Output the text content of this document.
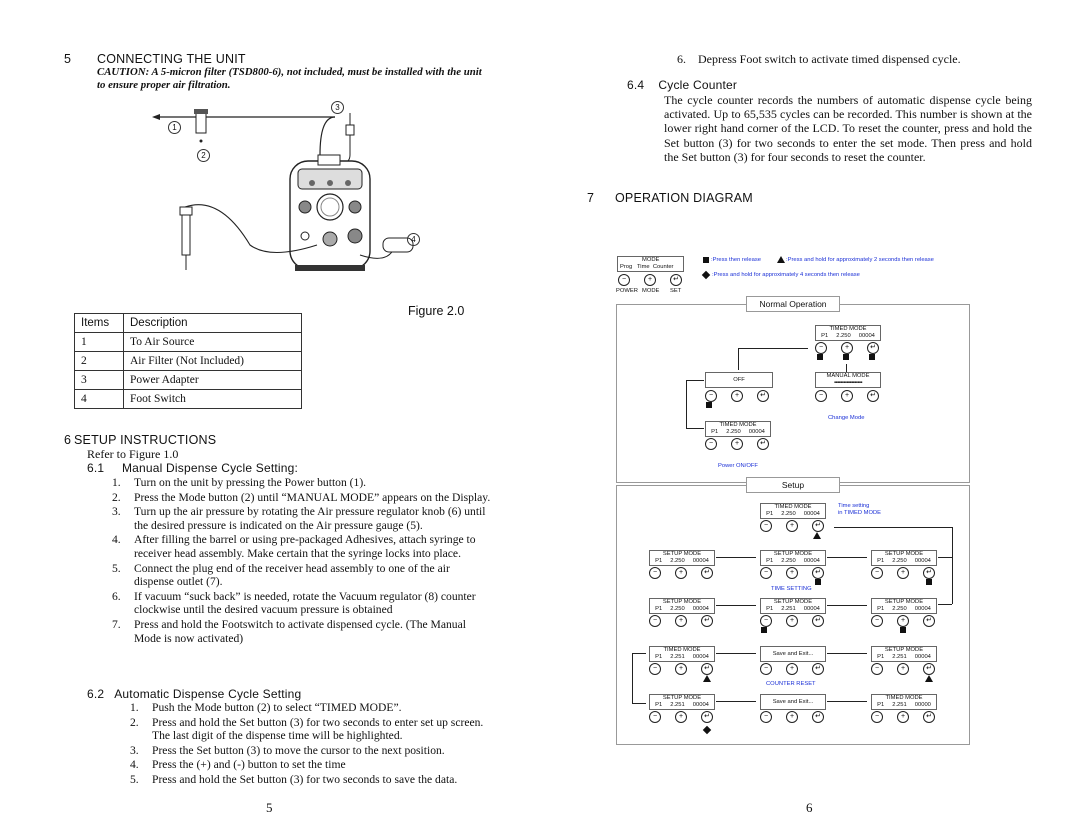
5 CONNECTING THE UNIT
CAUTION: A 5-micron filter (TSD800-6), not included, must be installed with the unit to ensure proper air filtration.
1
2
3
4
Figure 2.0
Items	Description
1	To Air Source
2	Air Filter (Not Included)
3	Power Adapter
4	Foot Switch
6 SETUP INSTRUCTIONS
Refer to Figure 1.0
6.1     Manual Dispense Cycle Setting:
1. Turn on the unit by pressing the Power button (1).
2. Press the Mode button (2) until “MANUAL MODE” appears on the Display.
3. Turn up the air pressure by rotating the Air pressure regulator knob (6) until the desired pressure is indicated on the Air pressure gauge (5).
4. After filling the barrel or using pre-packaged Adhesives, attach syringe to receiver head assembly. Make certain that the syringe locks into place.
5. Connect the plug end of the receiver head assembly to one of the air dispense outlet (7).
6. If vacuum “suck back” is needed, rotate the Vacuum regulator (8) counter clockwise until the desired vacuum pressure is obtained
7. Press and hold the Footswitch to activate dispensed cycle. (The Manual Mode is now activated)
6.2   Automatic Dispense Cycle Setting
1. Push the Mode button (2) to select “TIMED MODE”.
2. Press and hold the Set button (3) for two seconds to enter set up screen. The last digit of the dispense time will be highlighted.
3. Press the Set button (3) to move the cursor to the next position.
4. Press the (+) and (-) button to set the time
5. Press and hold the Set button (3) for two seconds to save the data.
5
6.    Depress Foot switch to activate timed dispensed cycle.
6.4    Cycle Counter
The cycle counter records the numbers of automatic dispense cycle being activated. Up to 65,535 cycles can be recorded. This number is shown at the lower right hand corner of the LCD. To reset the counter, press and hold the Set button (3) for two seconds to enter the set mode. Then press and hold the Set button (3) for four seconds to reset the counter.
7 OPERATION DIAGRAM
MODE
Prog   Time  Counter
−	+	↵
POWER MODE SET
:Press then release	:Press and hold for approximately 2 seconds then release
:Press and hold for approximately 4 seconds then release
Normal Operation
TIMED MODE
P1     2.250     00004
−	+	↵
OFF
MANUAL MODE
▪▪▪▪▪▪▪▪▪▪▪▪▪▪▪▪▪▪
−	+	↵	−	+	↵
Change Mode
TIMED MODE
P1     2.250     00004
−	+	↵
Power ON/OFF
Setup
TIMED MODE
P1     2.250     00004
Time setting
in TIMED MODE
−	+	↵
SETUP MODE
P1     2.250     00004
SETUP MODE
P1     2.250     00004
SETUP MODE
P1     2.250     00004
−	+	↵	−	+	↵	−	+	↵
TIME SETTING
SETUP MODE
P1     2.250     00004
SETUP MODE
P1     2.251     00004
SETUP MODE
P1     2.250     00004
−	+	↵	−	+	↵	−	+	↵
TIMED MODE
P1     2.251     00004	Save and Exit...
SETUP MODE
P1     2.251     00004
−	+	↵	−	+	↵	−	+	↵
COUNTER RESET
SETUP MODE
P1     2.251     00004	Save and Exit...
TIMED MODE
P1     2.251     00000
−	+	↵	−	+	↵	−	+	↵
6
